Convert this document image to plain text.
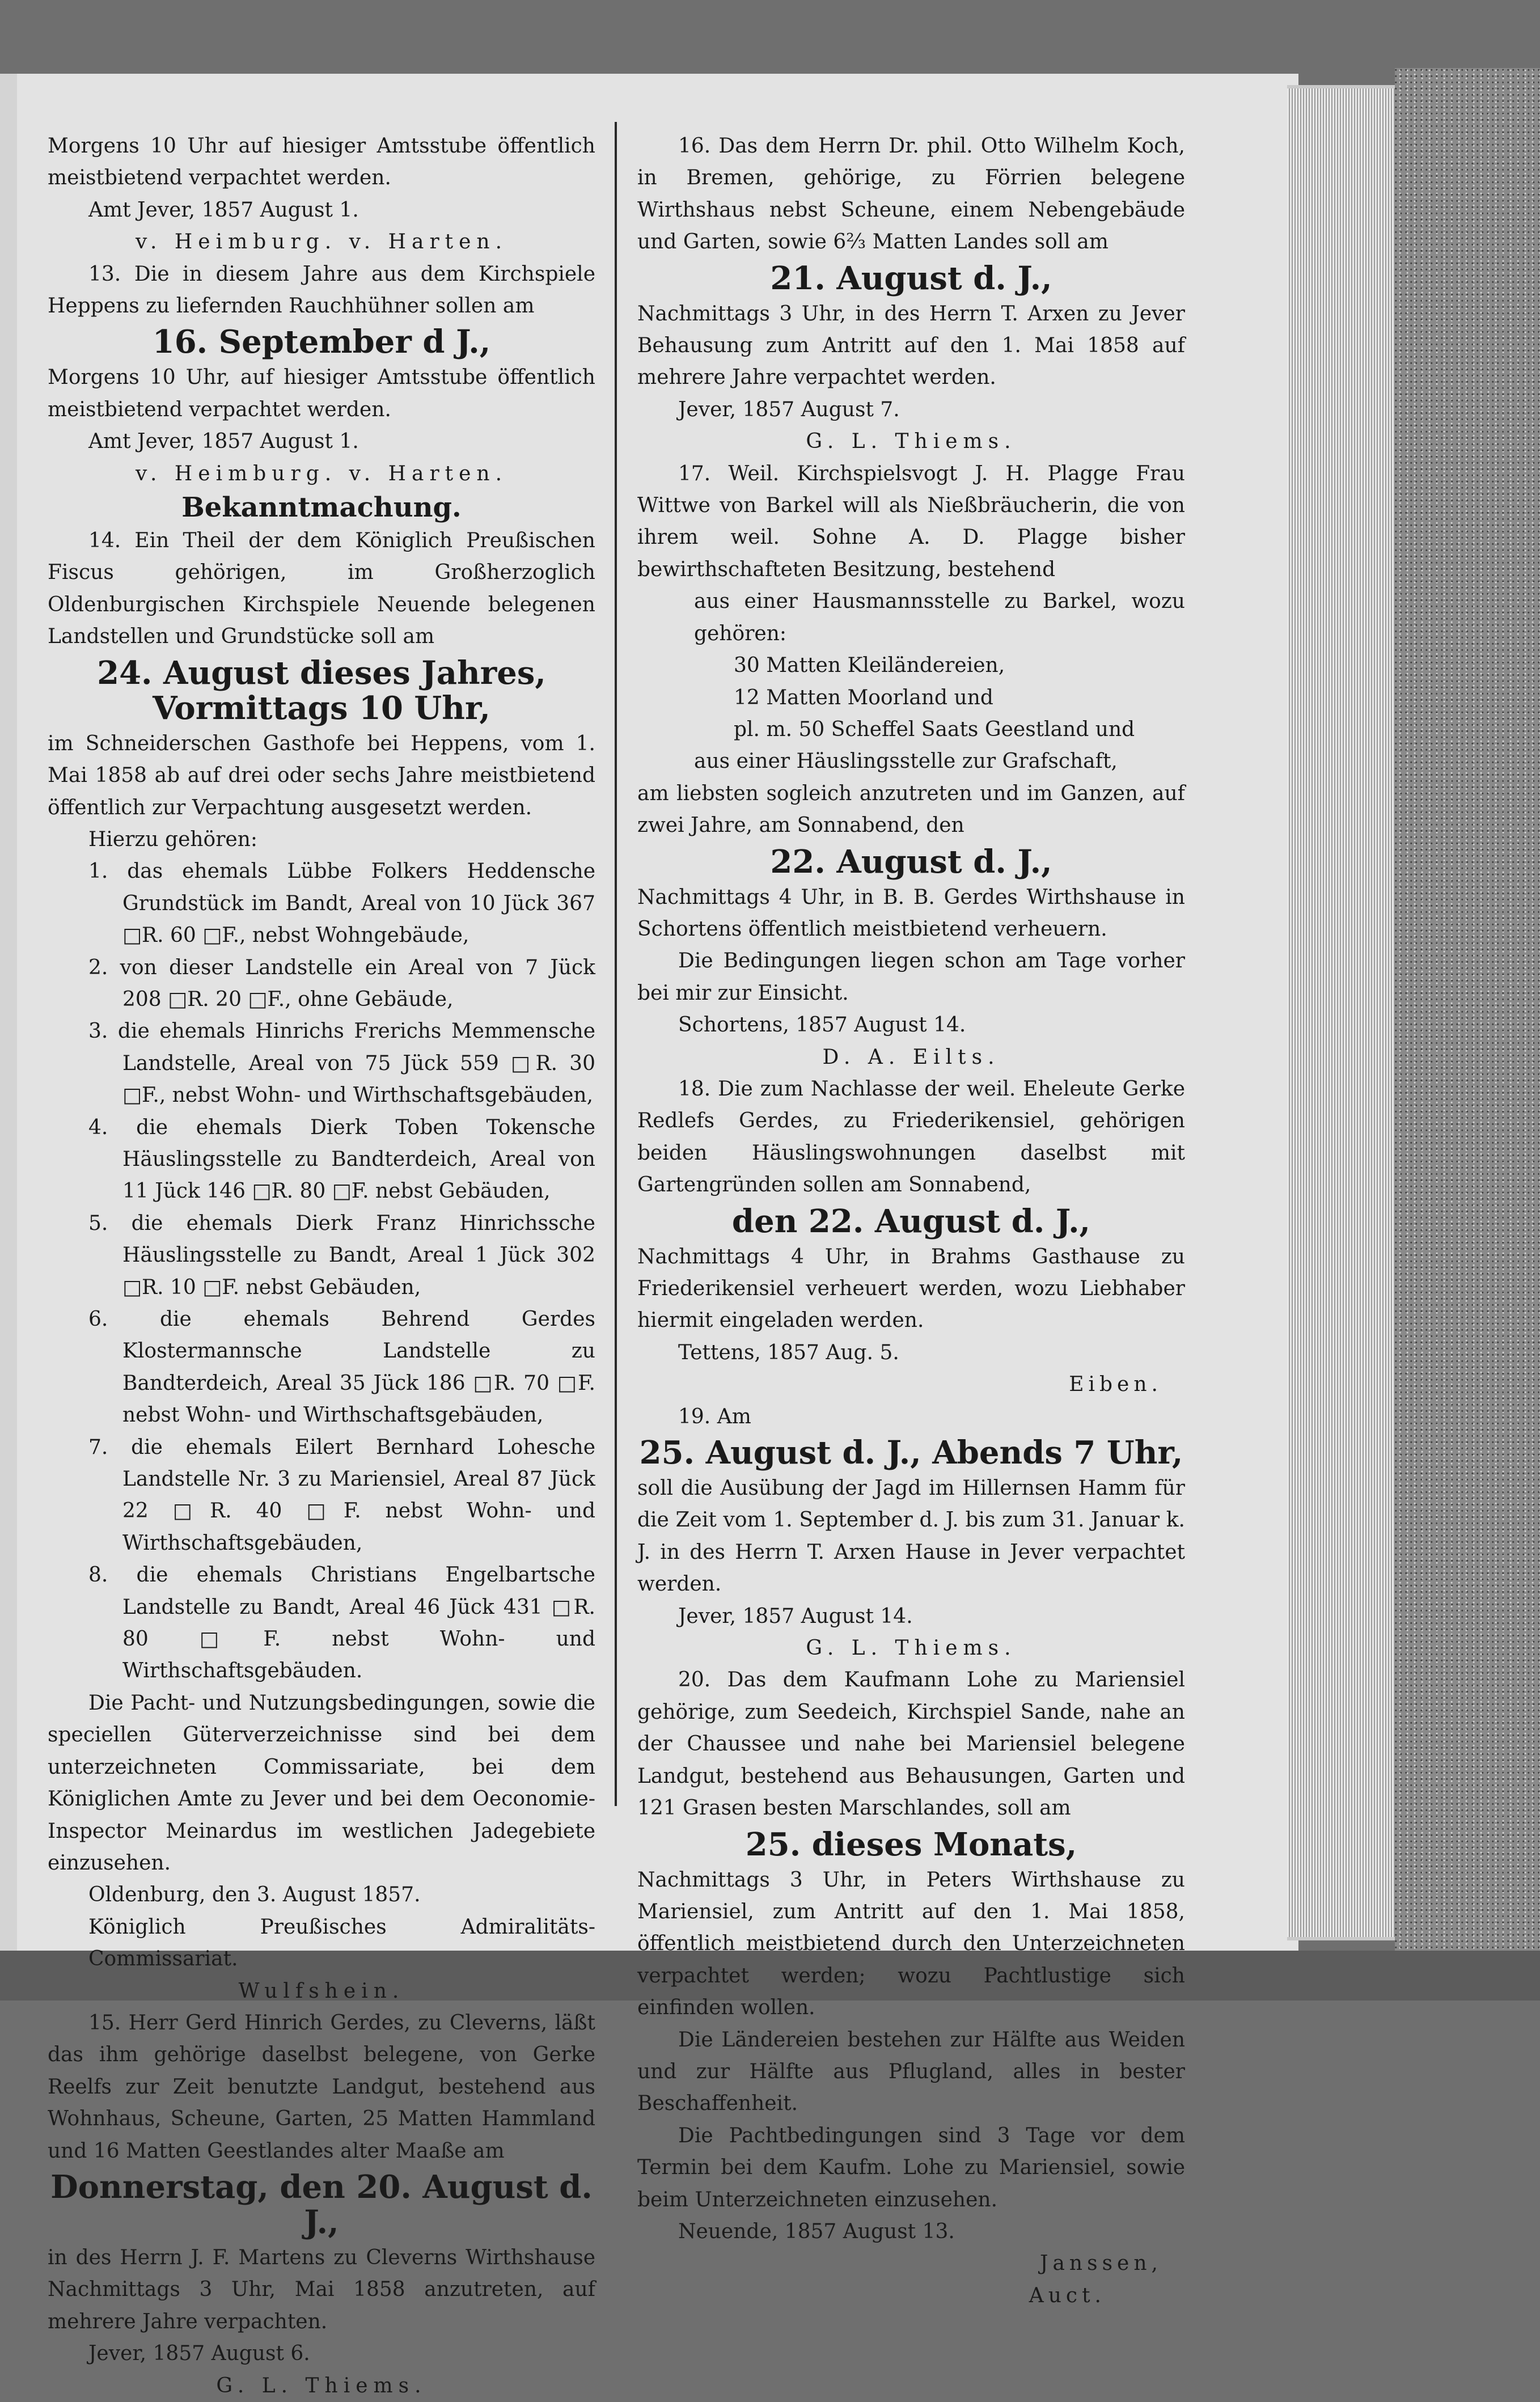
Morgens 10 Uhr auf hiesiger Amtsstube öffentlich meistbietend verpachtet werden.

Amt Jever, 1857 August 1.

v. Heimburg. v. Harten.

13. Die in diesem Jahre aus dem Kirchspiele Heppens zu liefernden Rauchhühner sollen am

16. September d J.,

Morgens 10 Uhr, auf hiesiger Amtsstube öffentlich meistbietend verpachtet werden.

Amt Jever, 1857 August 1.

v. Heimburg. v. Harten.

Bekanntmachung.

14. Ein Theil der dem Königlich Preußischen Fiscus gehörigen, im Großherzoglich Oldenburgischen Kirchspiele Neuende belegenen Landstellen und Grundstücke soll am

24. August dieses Jahres, Vormittags 10 Uhr,

im Schneiderschen Gasthofe bei Heppens, vom 1. Mai 1858 ab auf drei oder sechs Jahre meistbietend öffentlich zur Verpachtung ausgesetzt werden.

Hierzu gehören:

1. das ehemals Lübbe Folkers Heddensche Grundstück im Bandt, Areal von 10 Jück 367 □R. 60 □F., nebst Wohngebäude,
2. von dieser Landstelle ein Areal von 7 Jück 208 □R. 20 □F., ohne Gebäude,
3. die ehemals Hinrichs Frerichs Memmensche Landstelle, Areal von 75 Jück 559 □R. 30 □F., nebst Wohn- und Wirthschaftsgebäuden,
4. die ehemals Dierk Toben Tokensche Häuslingsstelle zu Bandterdeich, Areal von 11 Jück 146 □R. 80 □F. nebst Gebäuden,
5. die ehemals Dierk Franz Hinrichssche Häuslingsstelle zu Bandt, Areal 1 Jück 302 □R. 10 □F. nebst Gebäuden,
6. die ehemals Behrend Gerdes Klostermannsche Landstelle zu Bandterdeich, Areal 35 Jück 186 □R. 70 □F. nebst Wohn- und Wirthschaftsgebäuden,
7. die ehemals Eilert Bernhard Lohesche Landstelle Nr. 3 zu Mariensiel, Areal 87 Jück 22 □R. 40 □F. nebst Wohn- und Wirthschaftsgebäuden,
8. die ehemals Christians Engelbartsche Landstelle zu Bandt, Areal 46 Jück 431 □R. 80 □F. nebst Wohn- und Wirthschaftsgebäuden.

Die Pacht- und Nutzungsbedingungen, sowie die speciellen Güterverzeichnisse sind bei dem unterzeichneten Commissariate, bei dem Königlichen Amte zu Jever und bei dem Oeconomie-Inspector Meinardus im westlichen Jadegebiete einzusehen.

Oldenburg, den 3. August 1857.

Königlich Preußisches Admiralitäts-Commissariat.

Wulfshein.

15. Herr Gerd Hinrich Gerdes, zu Cleverns, läßt das ihm gehörige daselbst belegene, von Gerke Reelfs zur Zeit benutzte Landgut, bestehend aus Wohnhaus, Scheune, Garten, 25 Matten Hammland und 16 Matten Geestlandes alter Maaße am

Donnerstag, den 20. August d. J.,

in des Herrn J. F. Martens zu Cleverns Wirthshause Nachmittags 3 Uhr, Mai 1858 anzutreten, auf mehrere Jahre verpachten.

Jever, 1857 August 6.

G. L. Thiems.

16. Das dem Herrn Dr. phil. Otto Wilhelm Koch, in Bremen, gehörige, zu Förrien belegene Wirthshaus nebst Scheune, einem Nebengebäude und Garten, sowie 6⅔ Matten Landes soll am

21. August d. J.,

Nachmittags 3 Uhr, in des Herrn T. Arxen zu Jever Behausung zum Antritt auf den 1. Mai 1858 auf mehrere Jahre verpachtet werden.

Jever, 1857 August 7.

G. L. Thiems.

17. Weil. Kirchspielsvogt J. H. Plagge Frau Wittwe von Barkel will als Nießbräucherin, die von ihrem weil. Sohne A. D. Plagge bisher bewirthschafteten Besitzung, bestehend

aus einer Hausmannsstelle zu Barkel, wozu gehören:

30 Matten Kleiländereien,

12 Matten Moorland und

pl. m. 50 Scheffel Saats Geestland und

aus einer Häuslingsstelle zur Grafschaft,

am liebsten sogleich anzutreten und im Ganzen, auf zwei Jahre, am Sonnabend, den

22. August d. J.,

Nachmittags 4 Uhr, in B. B. Gerdes Wirthshause in Schortens öffentlich meistbietend verheuern.

Die Bedingungen liegen schon am Tage vorher bei mir zur Einsicht.

Schortens, 1857 August 14.

D. A. Eilts.

18. Die zum Nachlasse der weil. Eheleute Gerke Redlefs Gerdes, zu Friederikensiel, gehörigen beiden Häuslingswohnungen daselbst mit Gartengründen sollen am Sonnabend,

den 22. August d. J.,

Nachmittags 4 Uhr, in Brahms Gasthause zu Friederikensiel verheuert werden, wozu Liebhaber hiermit eingeladen werden.

Tettens, 1857 Aug. 5.

Eiben.

19. Am

25. August d. J., Abends 7 Uhr,

soll die Ausübung der Jagd im Hillernsen Hamm für die Zeit vom 1. September d. J. bis zum 31. Januar k. J. in des Herrn T. Arxen Hause in Jever verpachtet werden.

Jever, 1857 August 14.

G. L. Thiems.

20. Das dem Kaufmann Lohe zu Mariensiel gehörige, zum Seedeich, Kirchspiel Sande, nahe an der Chaussee und nahe bei Mariensiel belegene Landgut, bestehend aus Behausungen, Garten und 121 Grasen besten Marschlandes, soll am

25. dieses Monats,

Nachmittags 3 Uhr, in Peters Wirthshause zu Mariensiel, zum Antritt auf den 1. Mai 1858, öffentlich meistbietend durch den Unterzeichneten verpachtet werden; wozu Pachtlustige sich einfinden wollen.

Die Ländereien bestehen zur Hälfte aus Weiden und zur Hälfte aus Pflugland, alles in bester Beschaffenheit.

Die Pachtbedingungen sind 3 Tage vor dem Termin bei dem Kaufm. Lohe zu Mariensiel, sowie beim Unterzeichneten einzusehen.

Neuende, 1857 August 13.

Janssen,

Auct.
